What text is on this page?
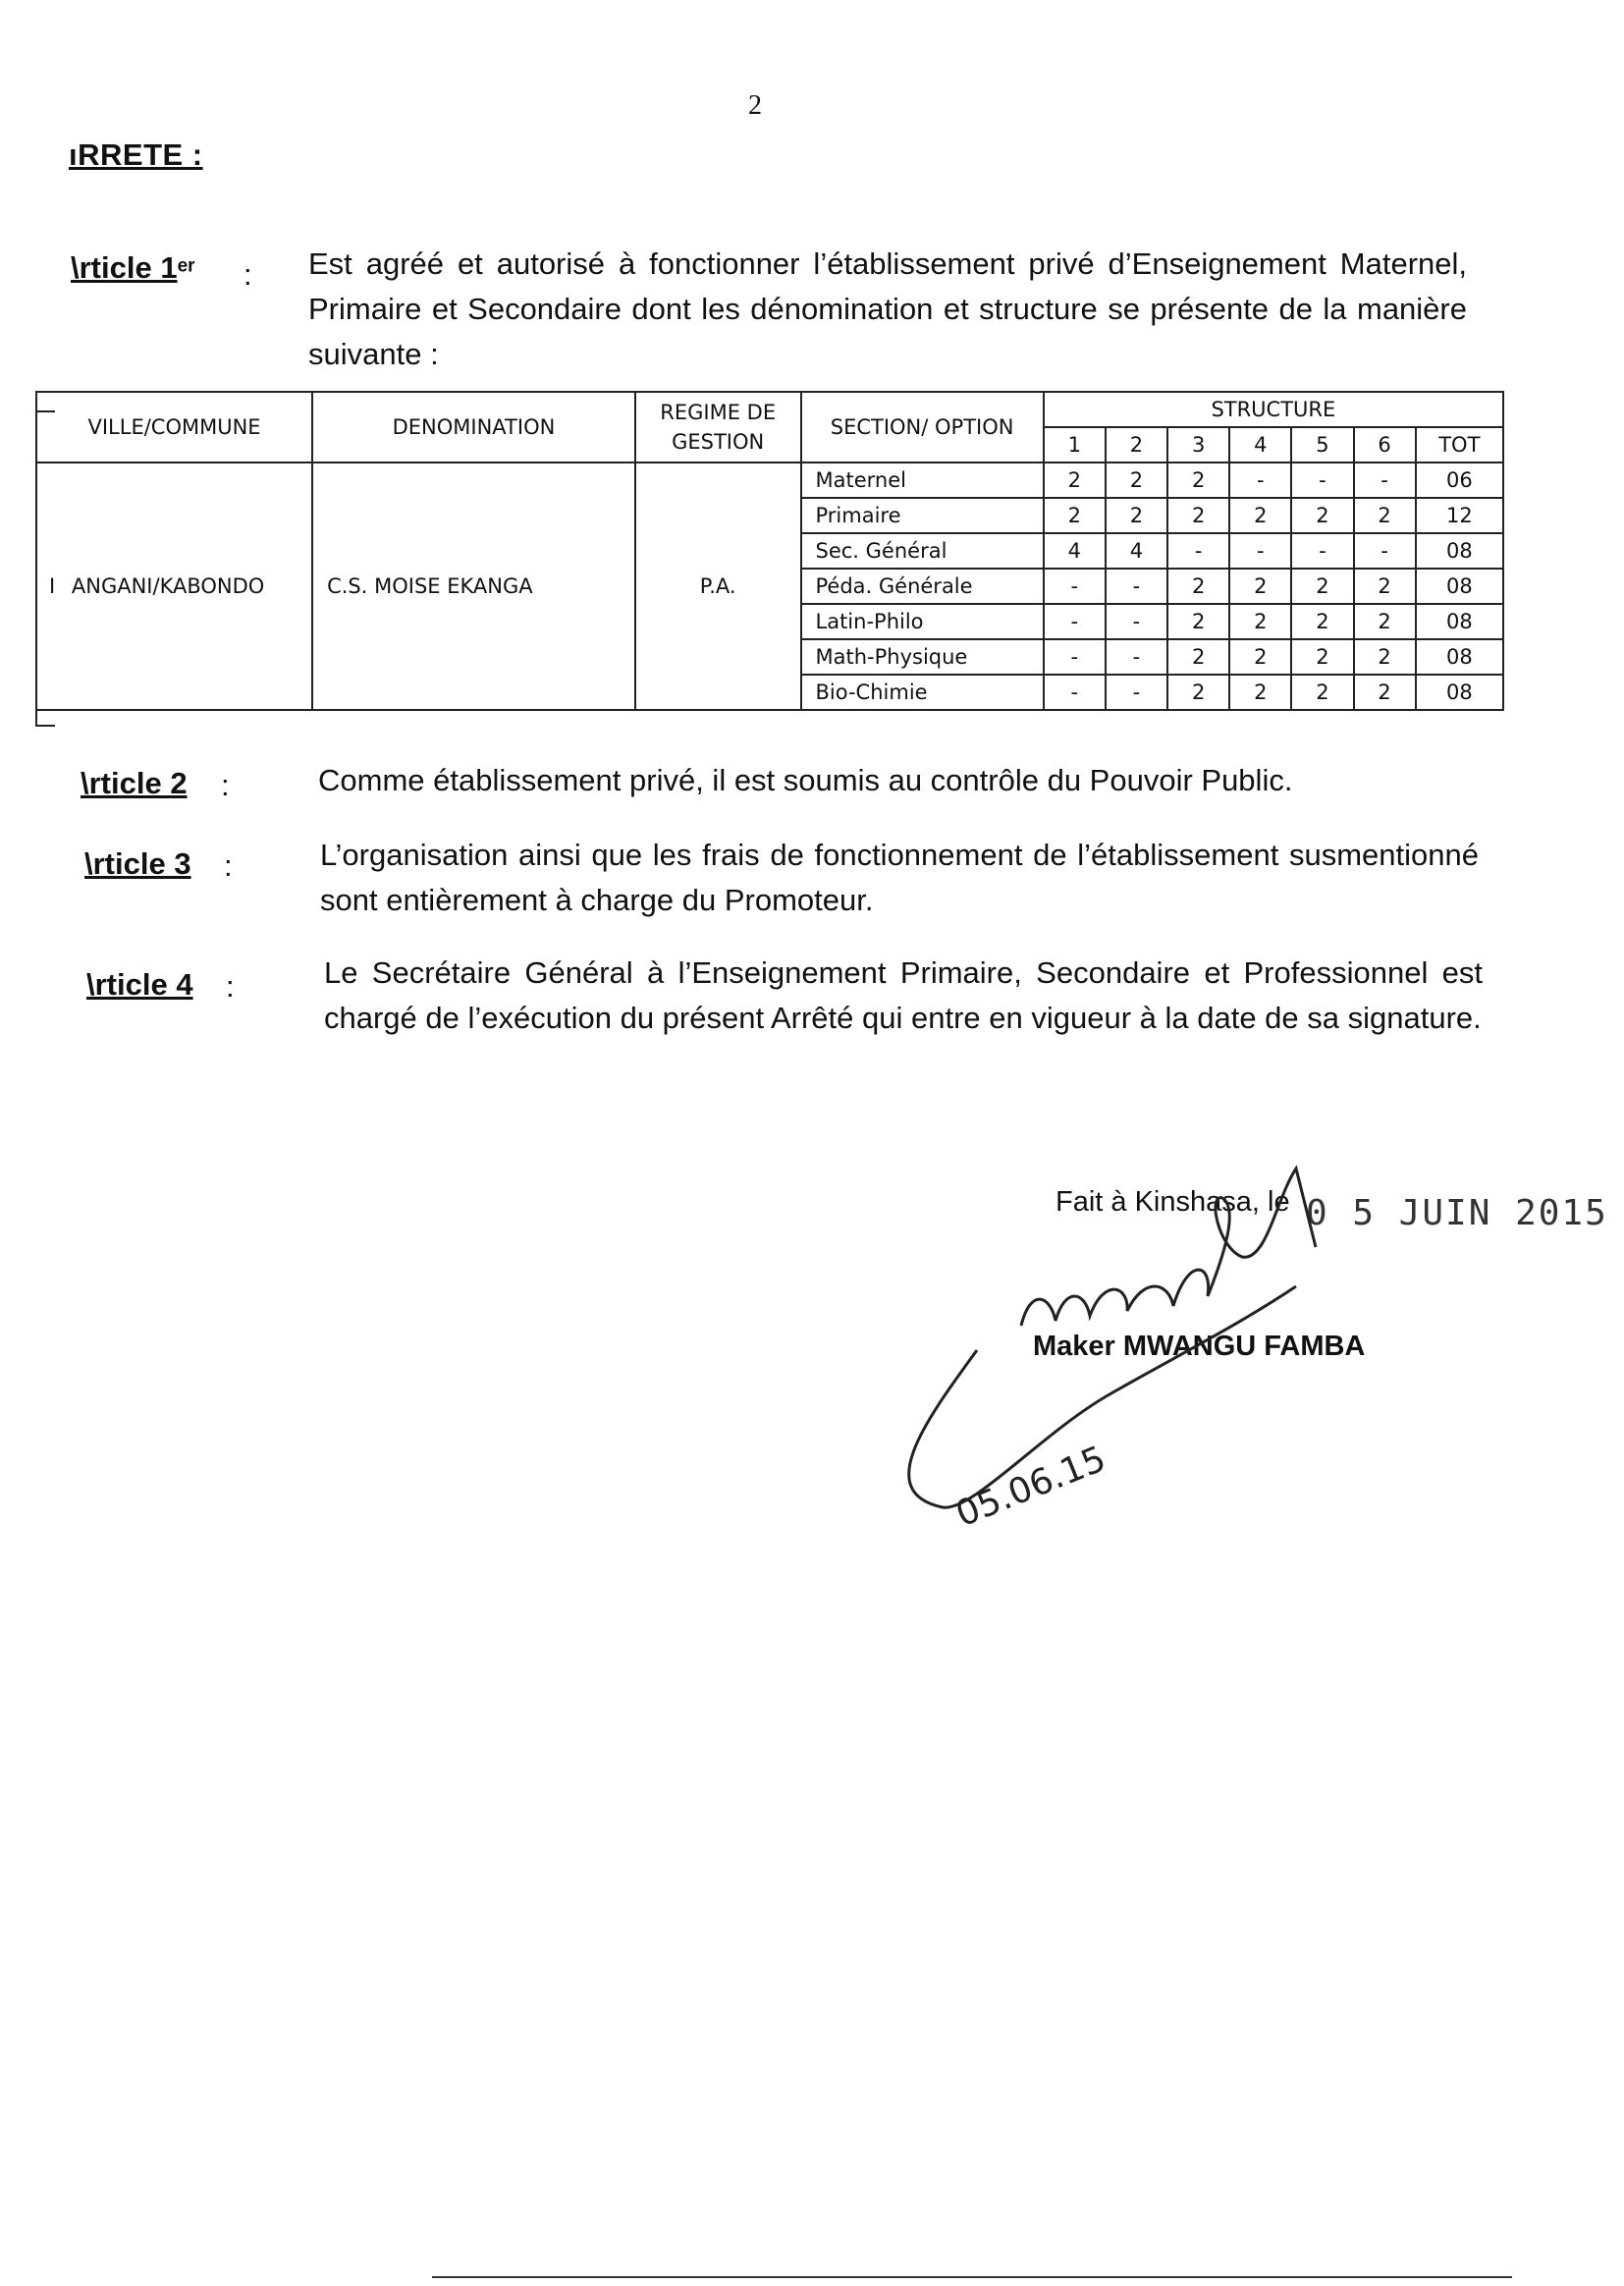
2
ıRRETE :
\rticle 1er : Est agréé et autorisé à fonctionner l’établissement privé d’Enseignement Maternel, Primaire et Secondaire dont les dénomination et structure se présente de la manière suivante :
VILLE/COMMUNE	DENOMINATION	REGIME DE GESTION	SECTION/ OPTION	STRUCTURE						
				1	2	3	4	5	6	TOT
I ANGANI/KABONDO	C.S. MOISE EKANGA	P.A.	Maternel	2	2	2	-	-	-	06
			Primaire	2	2	2	2	2	2	12
			Sec. Général	4	4	-	-	-	-	08
			Péda. Générale	-	-	2	2	2	2	08
			Latin-Philo	-	-	2	2	2	2	08
			Math-Physique	-	-	2	2	2	2	08
			Bio-Chimie	-	-	2	2	2	2	08
\rticle 2 :	Comme établissement privé, il est soumis au contrôle du Pouvoir Public.
\rticle 3 :	L’organisation ainsi que les frais de fonctionnement de l’établissement susmentionné sont entièrement à charge du Promoteur.
\rticle 4 :	Le Secrétaire Général à l’Enseignement Primaire, Secondaire et Professionnel est chargé de l’exécution du présent Arrêté qui entre en vigueur à la date de sa signature.
Fait à Kinshasa, le 0 5 JUIN 2015
Maker MWANGU FAMBA
05.06.15
